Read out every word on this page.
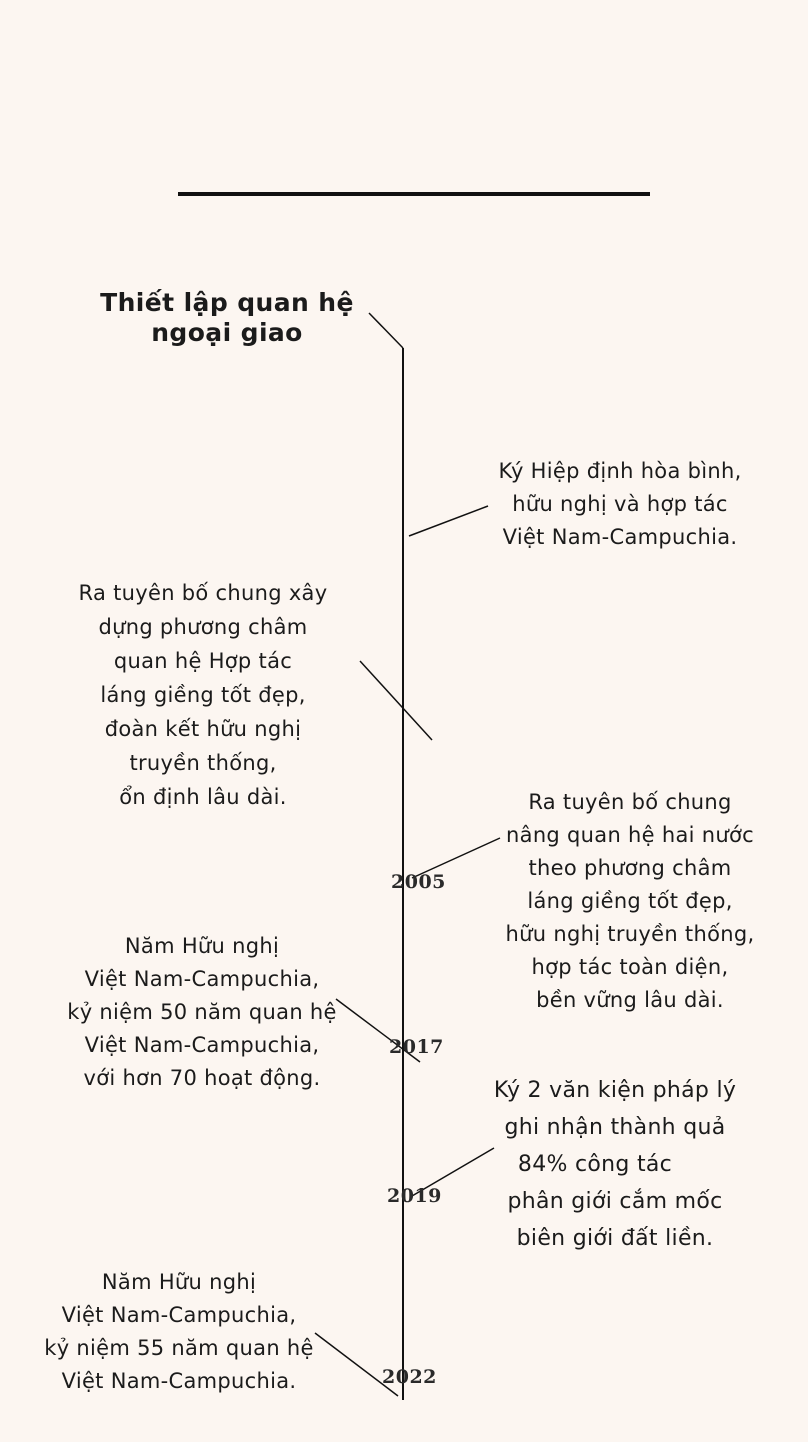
Thiết lập quan hệ
ngoại giao
Ký Hiệp định hòa bình,
hữu nghị và hợp tác
Việt Nam-Campuchia.
Ra tuyên bố chung xây
dựng phương châm
quan hệ Hợp tác
láng giềng tốt đẹp,
đoàn kết hữu nghị
truyền thống,
ổn định lâu dài.	Ra tuyên bố chung
nâng quan hệ hai nước
theo phương châm
láng giềng tốt đẹp,
hữu nghị truyền thống,
hợp tác toàn diện,
bền vững lâu dài.
2005
Năm Hữu nghị
Việt Nam-Campuchia,
kỷ niệm 50 năm quan hệ
Việt Nam-Campuchia,
với hơn 70 hoạt động.
2017
Ký 2 văn kiện pháp lý
ghi nhận thành quả
84% công tác
phân giới cắm mốc
biên giới đất liền.
2019
Năm Hữu nghị
Việt Nam-Campuchia,
kỷ niệm 55 năm quan hệ
Việt Nam-Campuchia.	2022
